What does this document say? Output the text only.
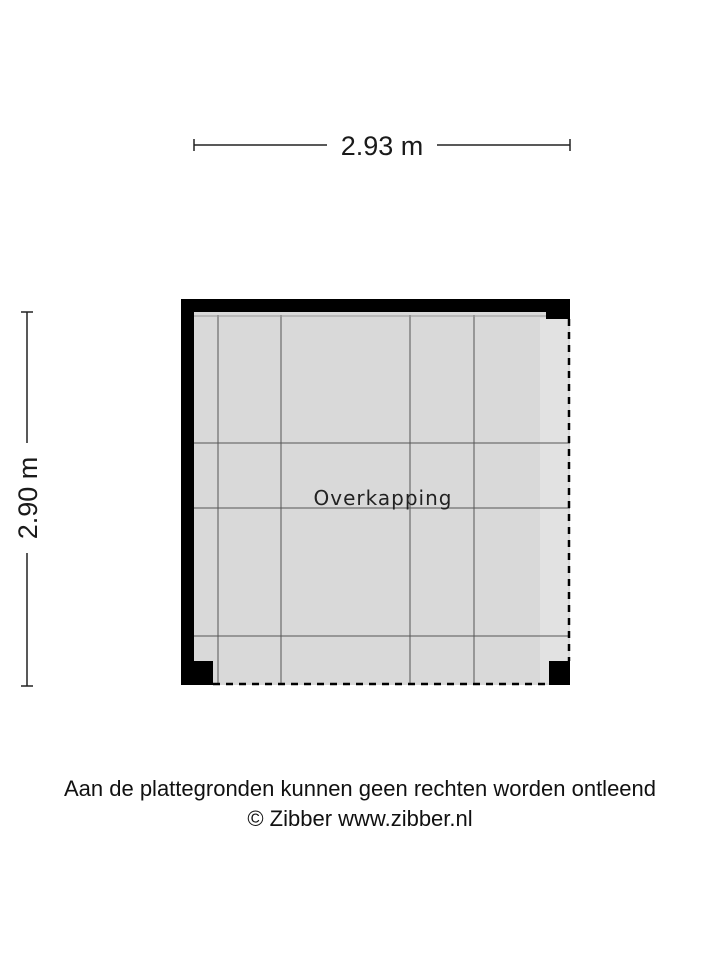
2.93 m
2.90 m	Overkapping
Aan de plattegronden kunnen geen rechten worden ontleend
© Zibber www.zibber.nl
